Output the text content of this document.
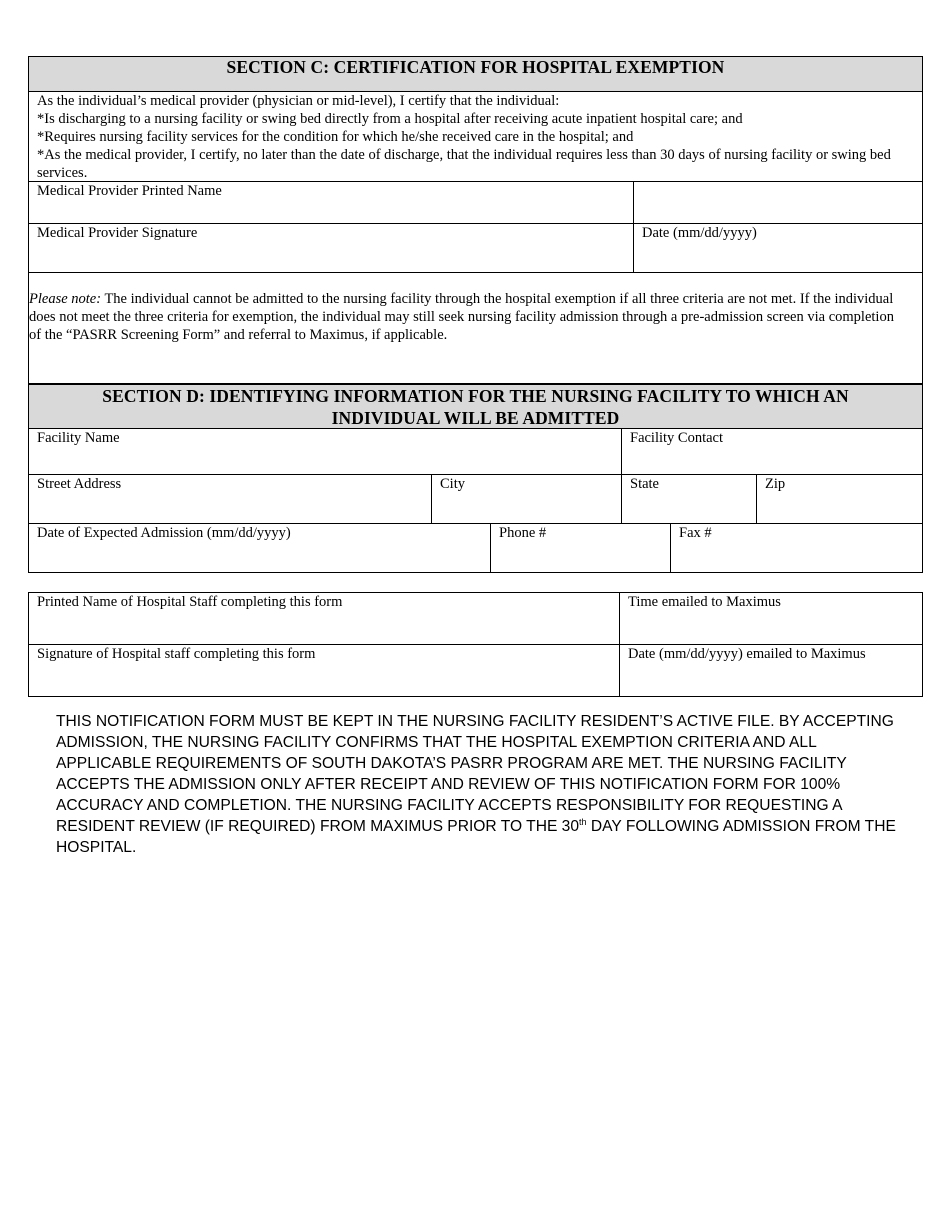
SECTION C: CERTIFICATION FOR HOSPITAL EXEMPTION
As the individual’s medical provider (physician or mid-level), I certify that the individual:
*Is discharging to a nursing facility or swing bed directly from a hospital after receiving acute inpatient hospital care; and
*Requires nursing facility services for the condition for which he/she received care in the hospital; and
*As the medical provider, I certify, no later than the date of discharge, that the individual requires less than 30 days of nursing facility or swing bed services.
Medical Provider Printed Name
Medical Provider Signature	Date (mm/dd/yyyy)
Please note: The individual cannot be admitted to the nursing facility through the hospital exemption if all three criteria are not met. If the individual does not meet the three criteria for exemption, the individual may still seek nursing facility admission through a pre-admission screen via completion of the “PASRR Screening Form” and referral to Maximus, if applicable.
SECTION D: IDENTIFYING INFORMATION FOR THE NURSING FACILITY TO WHICH AN
INDIVIDUAL WILL BE ADMITTED
Facility Name	Facility Contact
Street Address	City	State	Zip
Date of Expected Admission (mm/dd/yyyy)	Phone #	Fax #
Printed Name of Hospital Staff completing this form	Time emailed to Maximus
Signature of Hospital staff completing this form	Date (mm/dd/yyyy) emailed to Maximus
THIS NOTIFICATION FORM MUST BE KEPT IN THE NURSING FACILITY RESIDENT’S ACTIVE FILE. BY ACCEPTING ADMISSION, THE NURSING FACILITY CONFIRMS THAT THE HOSPITAL EXEMPTION CRITERIA AND ALL APPLICABLE REQUIREMENTS OF SOUTH DAKOTA’S PASRR PROGRAM ARE MET. THE NURSING FACILITY ACCEPTS THE ADMISSION ONLY AFTER RECEIPT AND REVIEW OF THIS NOTIFICATION FORM FOR 100% ACCURACY AND COMPLETION. THE NURSING FACILITY ACCEPTS RESPONSIBILITY FOR REQUESTING A RESIDENT REVIEW (IF REQUIRED) FROM MAXIMUS PRIOR TO THE 30th DAY FOLLOWING ADMISSION FROM THE HOSPITAL.
